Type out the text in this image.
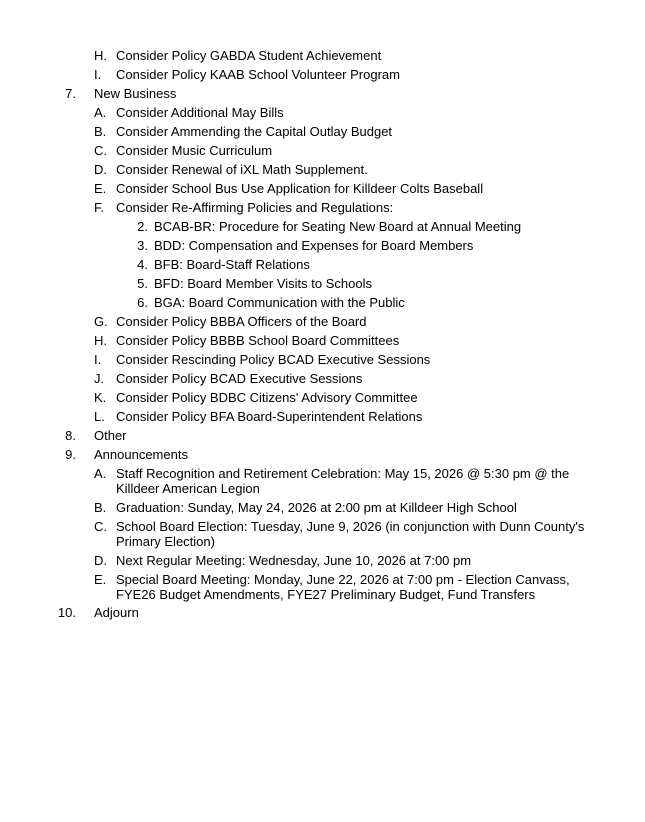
H. Consider Policy GABDA Student Achievement
I. Consider Policy KAAB School Volunteer Program
7. New Business
A. Consider Additional May Bills
B. Consider Ammending the Capital Outlay Budget
C. Consider Music Curriculum
D. Consider Renewal of iXL Math Supplement.
E. Consider School Bus Use Application for Killdeer Colts Baseball
F. Consider Re-Affirming Policies and Regulations:
2. BCAB-BR: Procedure for Seating New Board at Annual Meeting
3. BDD: Compensation and Expenses for Board Members
4. BFB: Board-Staff Relations
5. BFD: Board Member Visits to Schools
6. BGA: Board Communication with the Public
G. Consider Policy BBBA Officers of the Board
H. Consider Policy BBBB School Board Committees
I. Consider Rescinding Policy BCAD Executive Sessions
J. Consider Policy BCAD Executive Sessions
K. Consider Policy BDBC Citizens' Advisory Committee
L. Consider Policy BFA Board-Superintendent Relations
8. Other
9. Announcements
A. Staff Recognition and Retirement Celebration: May 15, 2026 @ 5:30 pm @ the Killdeer American Legion
B. Graduation: Sunday, May 24, 2026 at 2:00 pm at Killdeer High School
C. School Board Election: Tuesday, June 9, 2026 (in conjunction with Dunn County's Primary Election)
D. Next Regular Meeting: Wednesday, June 10, 2026 at 7:00 pm
E. Special Board Meeting: Monday, June 22, 2026 at 7:00 pm - Election Canvass, FYE26 Budget Amendments, FYE27 Preliminary Budget, Fund Transfers
10. Adjourn
